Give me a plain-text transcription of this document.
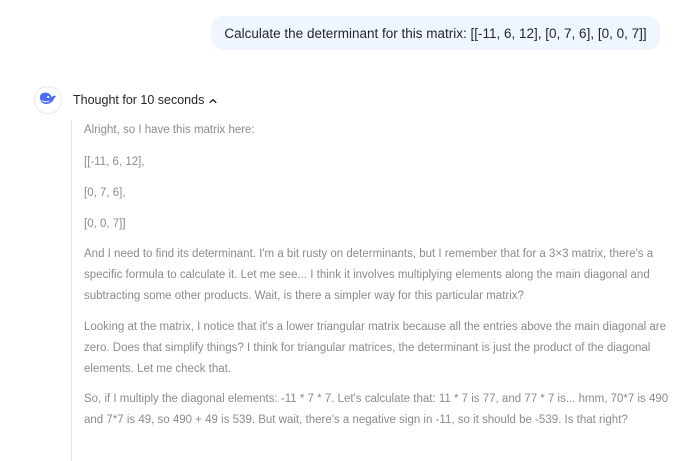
Calculate the determinant for this matrix: [[-11, 6, 12], [0, 7, 6], [0, 0, 7]]
Thought for 10 seconds

Alright, so I have this matrix here:

[[-11, 6, 12],

[0, 7, 6],

[0, 0, 7]]

And I need to find its determinant. I'm a bit rusty on determinants, but I remember that for a 3×3 matrix, there's a specific formula to calculate it. Let me see... I think it involves multiplying elements along the main diagonal and subtracting some other products. Wait, is there a simpler way for this particular matrix?

Looking at the matrix, I notice that it's a lower triangular matrix because all the entries above the main diagonal are zero. Does that simplify things? I think for triangular matrices, the determinant is just the product of the diagonal elements. Let me check that.

So, if I multiply the diagonal elements: -11 * 7 * 7. Let's calculate that: 11 * 7 is 77, and 77 * 7 is... hmm, 70*7 is 490 and 7*7 is 49, so 490 + 49 is 539. But wait, there's a negative sign in -11, so it should be -539. Is that right?
